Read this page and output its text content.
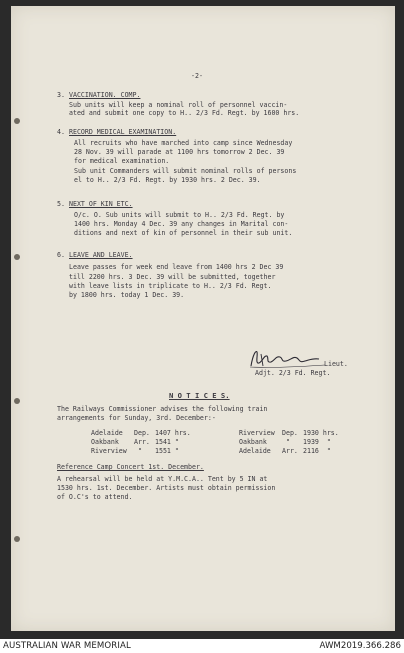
-2-
3. VACCINATION. COMP.
Sub units will keep a nominal roll of personnel vaccin-
ated and submit one copy to H.. 2/3 Fd. Regt. by 1600 hrs.
4. RECORD MEDICAL EXAMINATION.
All recruits who have marched into camp since Wednesday
28 Nov. 39 will parade at 1100 hrs tomorrow 2 Dec. 39
for medical examination.
Sub unit Commanders will submit nominal rolls of persons
el to H.. 2/3 Fd. Regt. by 1930 hrs. 2 Dec. 39.
5. NEXT OF KIN ETC.
O/c. O. Sub units will submit to H.. 2/3 Fd. Regt. by
1400 hrs. Monday 4 Dec. 39 any changes in Marital con-
ditions and next of kin of personnel in their sub unit.
6. LEAVE AND LEAVE.
Leave passes for week end leave from 1400 hrs 2 Dec 39
till 2200 hrs. 3 Dec. 39 will be submitted, together
with leave lists in triplicate to H.. 2/3 Fd. Regt.
by 1800 hrs. today 1 Dec. 39.
Lieut.
Adjt. 2/3 Fd. Regt.
N O T I C E S.
The Railways Commissioner advises the following train
arrangements for Sunday, 3rd. December:-
Adelaide Dep. 1407 hrs.	Riverview Dep. 1930 hrs.
Oakbank Arr. 1541 "	Oakbank	" 1939  "
Riverview " 1551 "	Adelaide Arr. 2116  "
Reference Camp Concert 1st. December.
A rehearsal will be held at Y.M.C.A.. Tent by 5 IN at
1530 hrs. 1st. December. Artists must obtain permission
of O.C's to attend.
AUSTRALIAN WAR MEMORIAL	AWM2019.366.286
